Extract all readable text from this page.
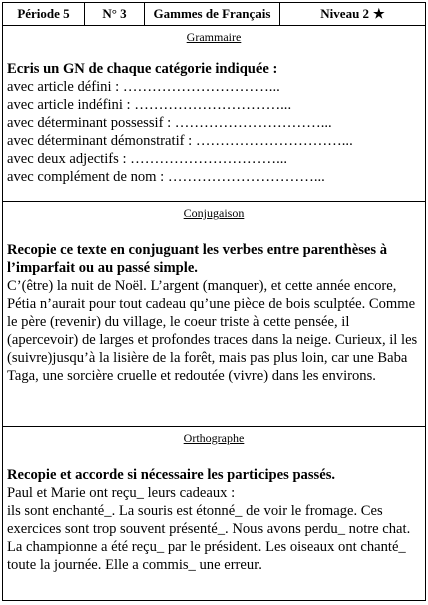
Période 5	N° 3	Gammes de Français	Niveau 2 ★
Grammaire
Ecris un GN de chaque catégorie indiquée :
avec article défini : …………………………...
avec article indéfini : …………………………...
avec déterminant possessif : …………………………...
avec déterminant démonstratif : …………………………...
avec deux adjectifs : …………………………...
avec complément de nom : …………………………...
Conjugaison
Recopie ce texte en conjuguant les verbes entre parenthèses à l’imparfait ou au passé simple.
C’(être) la nuit de Noël. L’argent (manquer), et cette année encore, Pétia n’aurait pour tout cadeau qu’une pièce de bois sculptée. Comme le père (revenir) du village, le coeur triste à cette pensée, il (apercevoir) de larges et profondes traces dans la neige. Curieux, il les (suivre)jusqu’à la lisière de la forêt, mais pas plus loin, car une Baba Taga, une sorcière cruelle et redoutée (vivre) dans les environs.
Orthographe
Recopie et accorde si nécessaire les participes passés.
Paul et Marie ont reçu_ leurs cadeaux :
ils sont enchanté_. La souris est étonné_ de voir le fromage. Ces exercices sont trop souvent présenté_. Nous avons perdu_ notre chat. La championne a été reçu_ par le président. Les oiseaux ont chanté_ toute la journée. Elle a commis_ une erreur.
